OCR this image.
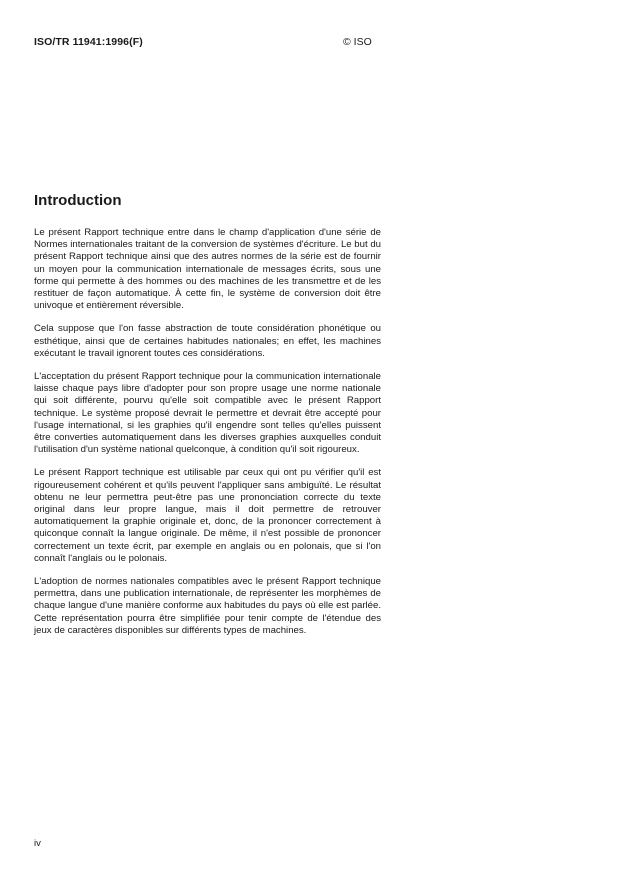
ISO/TR 11941:1996(F)	© ISO
Introduction

Le présent Rapport technique entre dans le champ d'application d'une série de Normes internationales traitant de la conversion de systèmes d'écriture. Le but du présent Rapport technique ainsi que des autres normes de la série est de fournir un moyen pour la communication internationale de messages écrits, sous une forme qui permette à des hommes ou des machines de les transmettre et de les restituer de façon automatique. À cette fin, le système de conversion doit être univoque et entièrement réversible.

Cela suppose que l'on fasse abstraction de toute considération phonétique ou esthétique, ainsi que de certaines habitudes nationales; en effet, les machines exécutant le travail ignorent toutes ces considérations.

L'acceptation du présent Rapport technique pour la communication internationale laisse chaque pays libre d'adopter pour son propre usage une norme nationale qui soit différente, pourvu qu'elle soit compatible avec le présent Rapport technique. Le système proposé devrait le permettre et devrait être accepté pour l'usage international, si les graphies qu'il engendre sont telles qu'elles puissent être converties automatiquement dans les diverses graphies auxquelles conduit l'utilisation d'un système national quelconque, à condition qu'il soit rigoureux.

Le présent Rapport technique est utilisable par ceux qui ont pu vérifier qu'il est rigoureusement cohérent et qu'ils peuvent l'appliquer sans ambiguïté. Le résultat obtenu ne leur permettra peut-être pas une prononciation correcte du texte original dans leur propre langue, mais il doit permettre de retrouver automatiquement la graphie originale et, donc, de la prononcer correctement à quiconque connaît la langue originale. De même, il n'est possible de prononcer correctement un texte écrit, par exemple en anglais ou en polonais, que si l'on connaît l'anglais ou le polonais.

L'adoption de normes nationales compatibles avec le présent Rapport technique permettra, dans une publication internationale, de représenter les morphèmes de chaque langue d'une manière conforme aux habitudes du pays où elle est parlée. Cette représentation pourra être simplifiée pour tenir compte de l'étendue des jeux de caractères disponibles sur différents types de machines.

iv
